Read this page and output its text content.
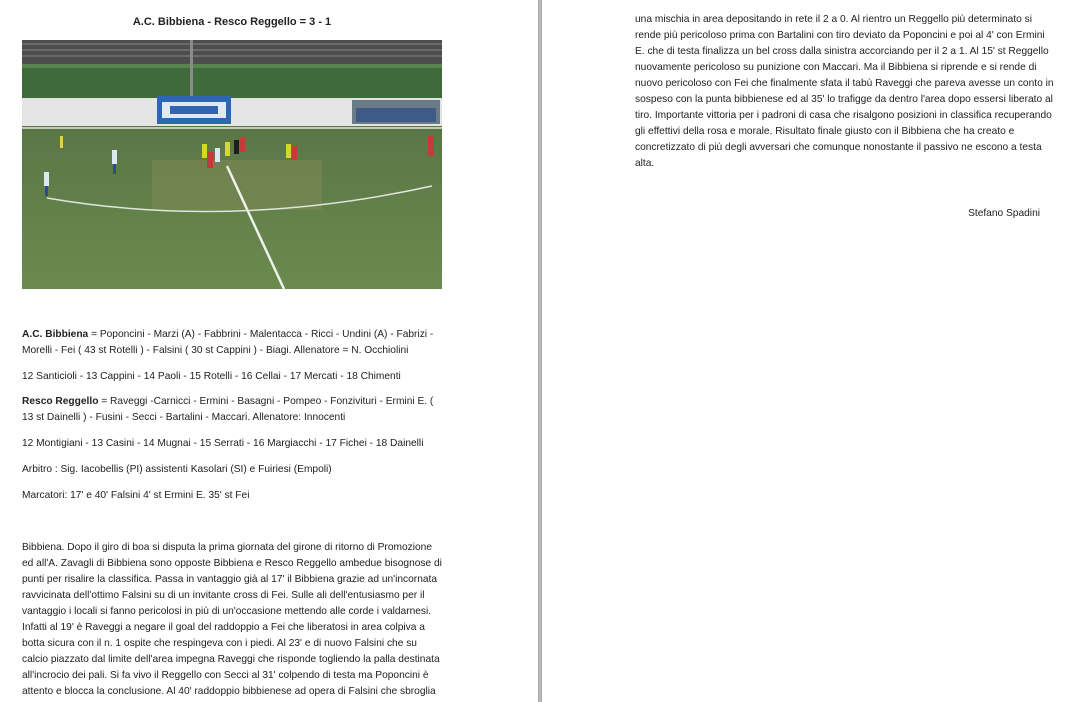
A.C. Bibbiena - Resco Reggello = 3 - 1

A.C. Bibbiena = Poponcini - Marzi (A) - Fabbrini - Malentacca - Ricci - Undini (A) - Fabrizi - Morelli - Fei ( 43 st Rotelli ) - Falsini ( 30 st Cappini ) - Biagi. Allenatore = N. Occhiolini

12 Santicioli - 13 Cappini - 14 Paoli - 15 Rotelli - 16 Cellai - 17 Mercati - 18 Chimenti

Resco Reggello = Raveggi -Carnicci - Ermini - Basagni - Pompeo - Fonzivituri - Ermini E. ( 13 st Dainelli ) - Fusini - Secci - Bartalini - Maccari. Allenatore: Innocenti

12 Montigiani - 13 Casini - 14 Mugnai - 15 Serrati - 16 Margiacchi - 17 Fichei - 18 Dainelli

Arbitro : Sig. Iacobellis (PI) assistenti Kasolari (SI) e Fuiriesi (Empoli)

Marcatori: 17' e 40' Falsini 4' st Ermini E. 35' st Fei

Bibbiena. Dopo il giro di boa si disputa la prima giornata del girone di ritorno di Promozione ed all'A. Zavagli di Bibbiena sono opposte Bibbiena e Resco Reggello ambedue bisognose di punti per risalire la classifica. Passa in vantaggio già al 17' il Bibbiena grazie ad un'incornata ravvicinata dell'ottimo Falsini su di un invitante cross di Fei. Sulle ali dell'entusiasmo per il vantaggio i locali si fanno pericolosi in più di un'occasione mettendo alle corde i valdarnesi. Infatti al 19' è Raveggi a negare il goal del raddoppio a Fei che liberatosi in area colpiva a botta sicura con il n. 1 ospite che respingeva con i piedi. Al 23' e di nuovo Falsini che su calcio piazzato dal limite dell'area impegna Raveggi che risponde togliendo la palla destinata all'incrocio dei pali. Si fa vivo il Reggello con Secci al 31' colpendo di testa ma Poponcini è attento e blocca la conclusione. Al 40' raddoppio bibbienese ad opera di Falsini che sbroglia

una mischia in area depositando in rete il 2 a 0. Al rientro un Reggello più determinato si rende più pericoloso prima con Bartalini con tiro deviato da Poponcini e poi al 4' con Ermini E. che di testa finalizza un bel cross dalla sinistra accorciando per il 2 a 1. Al 15' st Reggello nuovamente pericoloso su punizione con Maccari. Ma il Bibbiena si riprende e si rende di nuovo pericoloso con Fei che finalmente sfata il tabù Raveggi che pareva avesse un conto in sospeso con la punta bibbienese ed al 35' lo trafigge da dentro l'area dopo essersi liberato al tiro. Importante vittoria per i padroni di casa che risalgono posizioni in classifica recuperando gli effettivi della rosa e morale. Risultato finale giusto con il Bibbiena che ha creato e concretizzato di più degli avversari che comunque nonostante il passivo ne escono a testa alta.

Stefano Spadini
